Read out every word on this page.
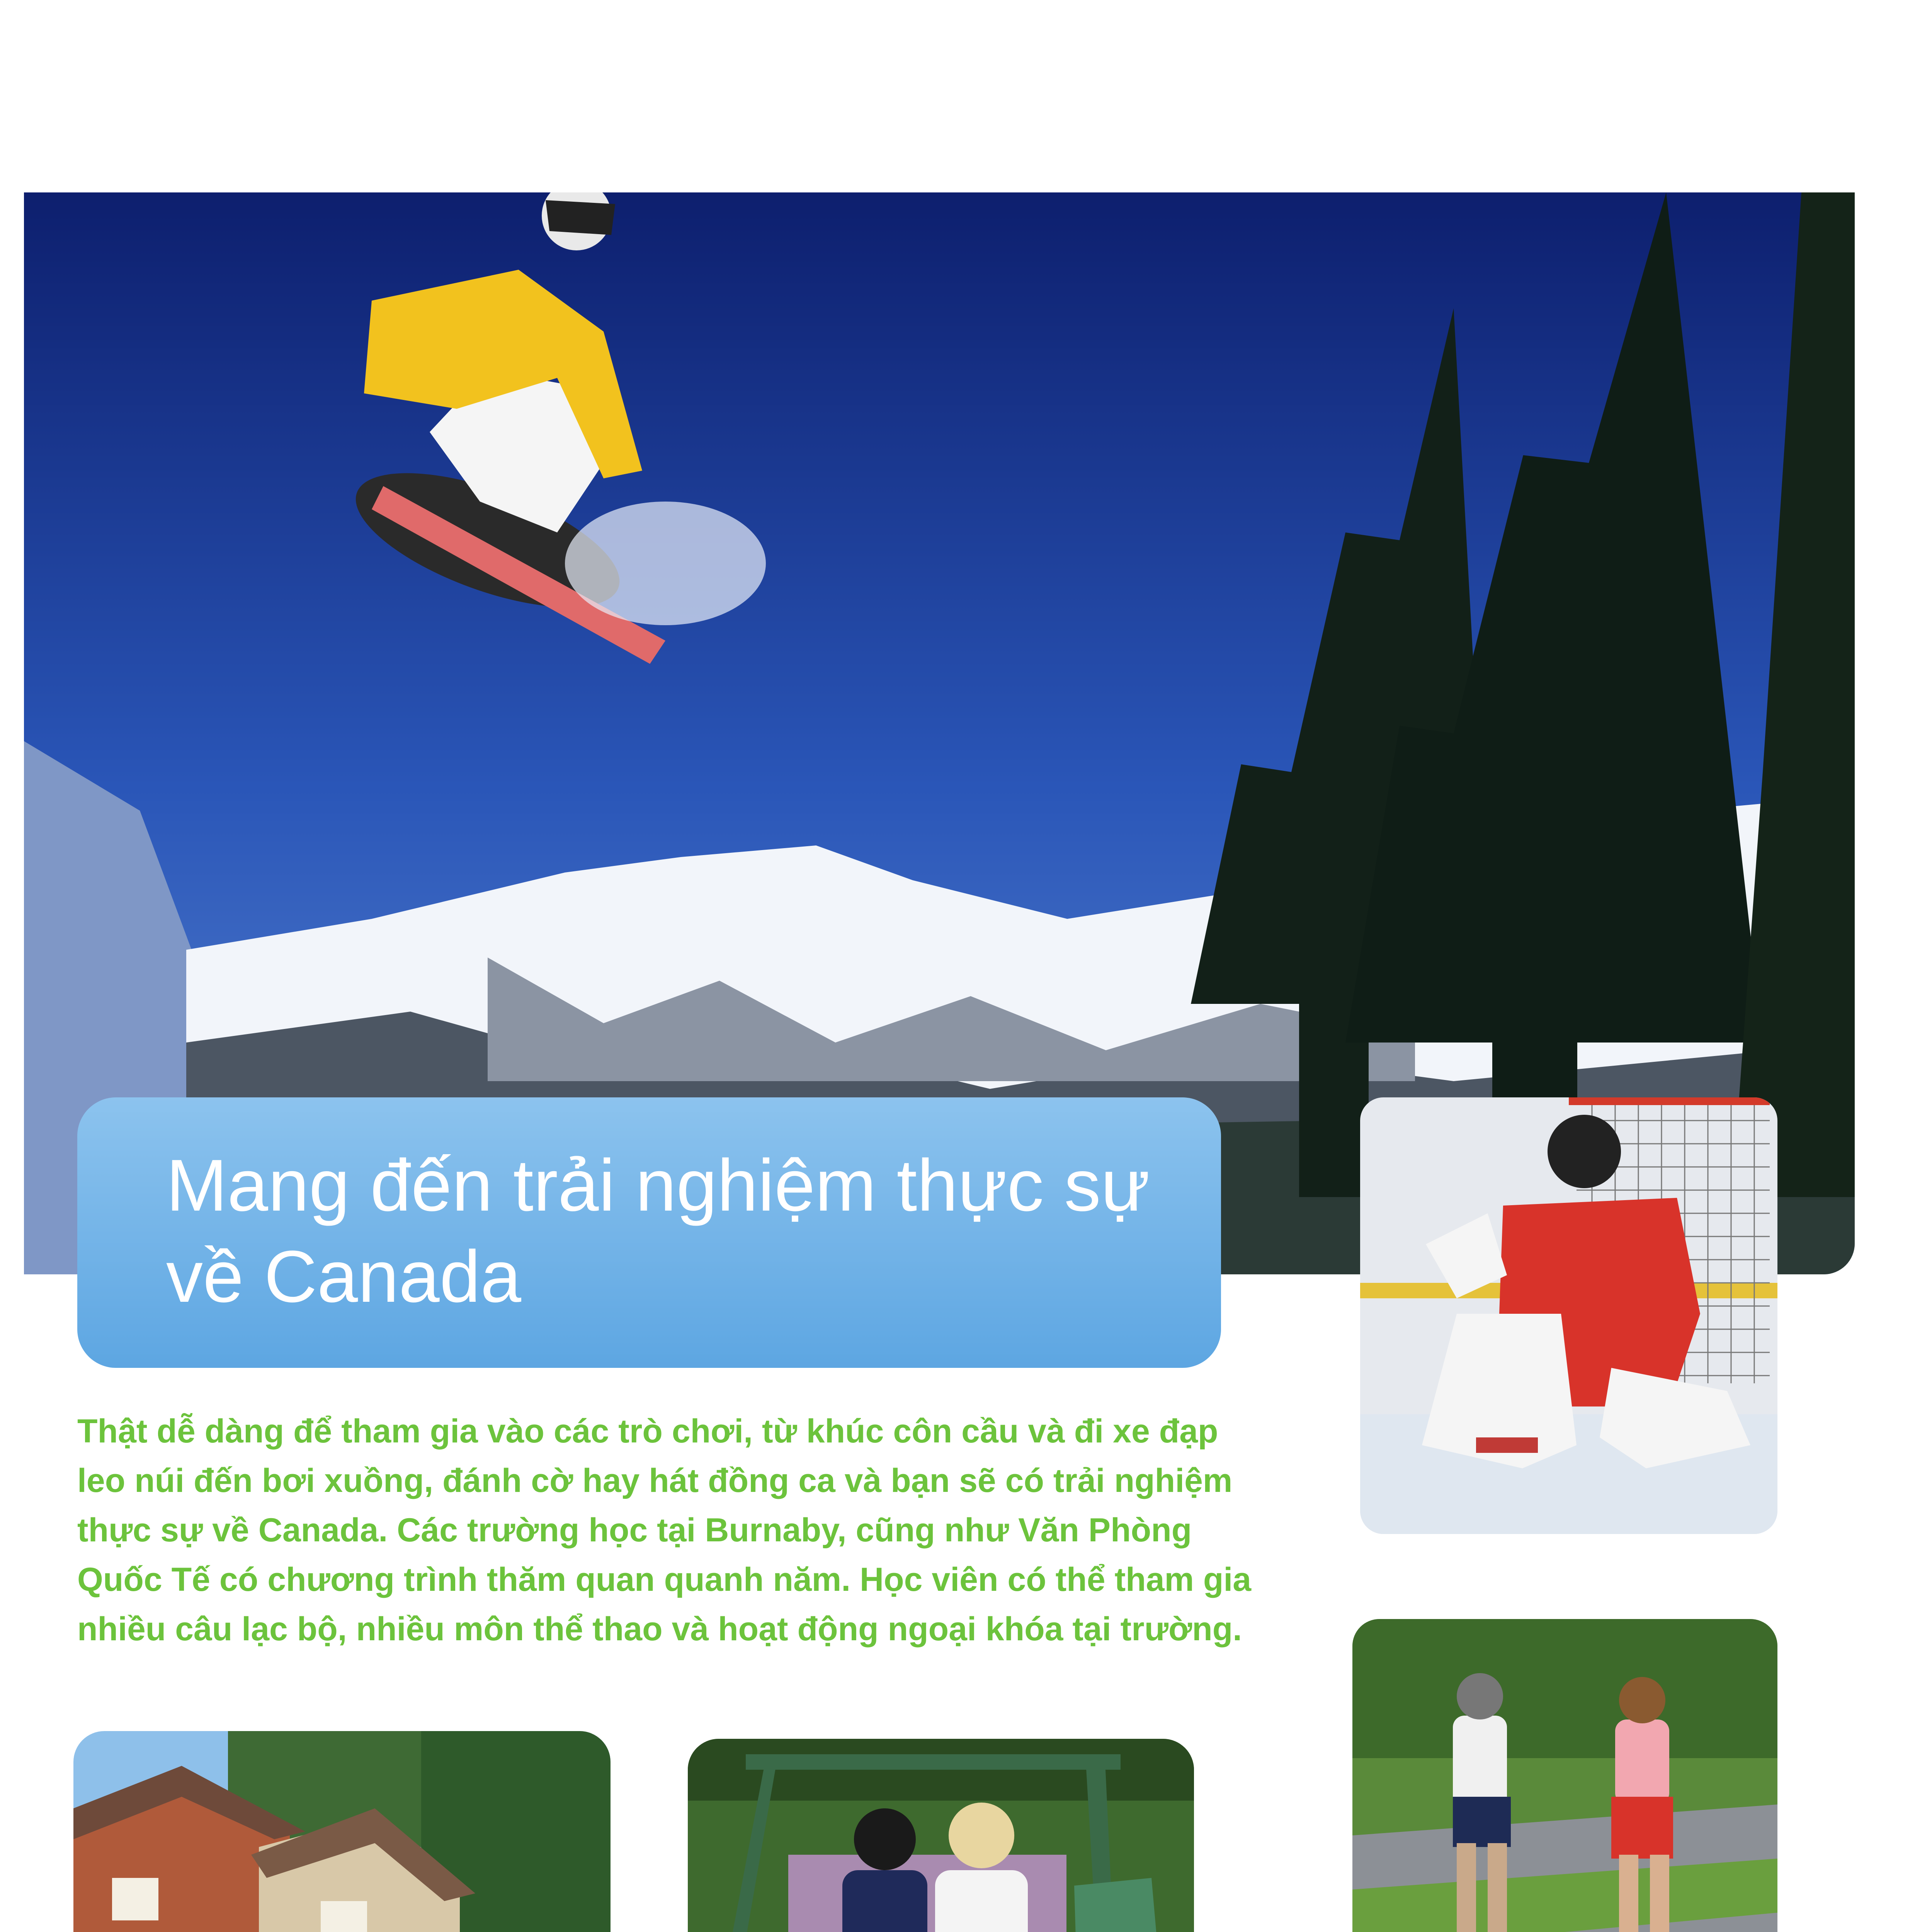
Mang đến trải nghiệm thực sự về Canada
Thật dễ dàng để tham gia vào các trò chơi, từ khúc côn cầu và đi xe đạp leo núi đến bơi xuồng, đánh cờ hay hát đồng ca và bạn sẽ có trải nghiệm thực sự về Canada. Các trường học tại Burnaby, cũng như Văn Phòng Quốc Tế có chương trình thăm quan quanh năm. Học viên có thể tham gia nhiều câu lạc bộ, nhiều môn thể thao và hoạt động ngoại khóa tại trường.
